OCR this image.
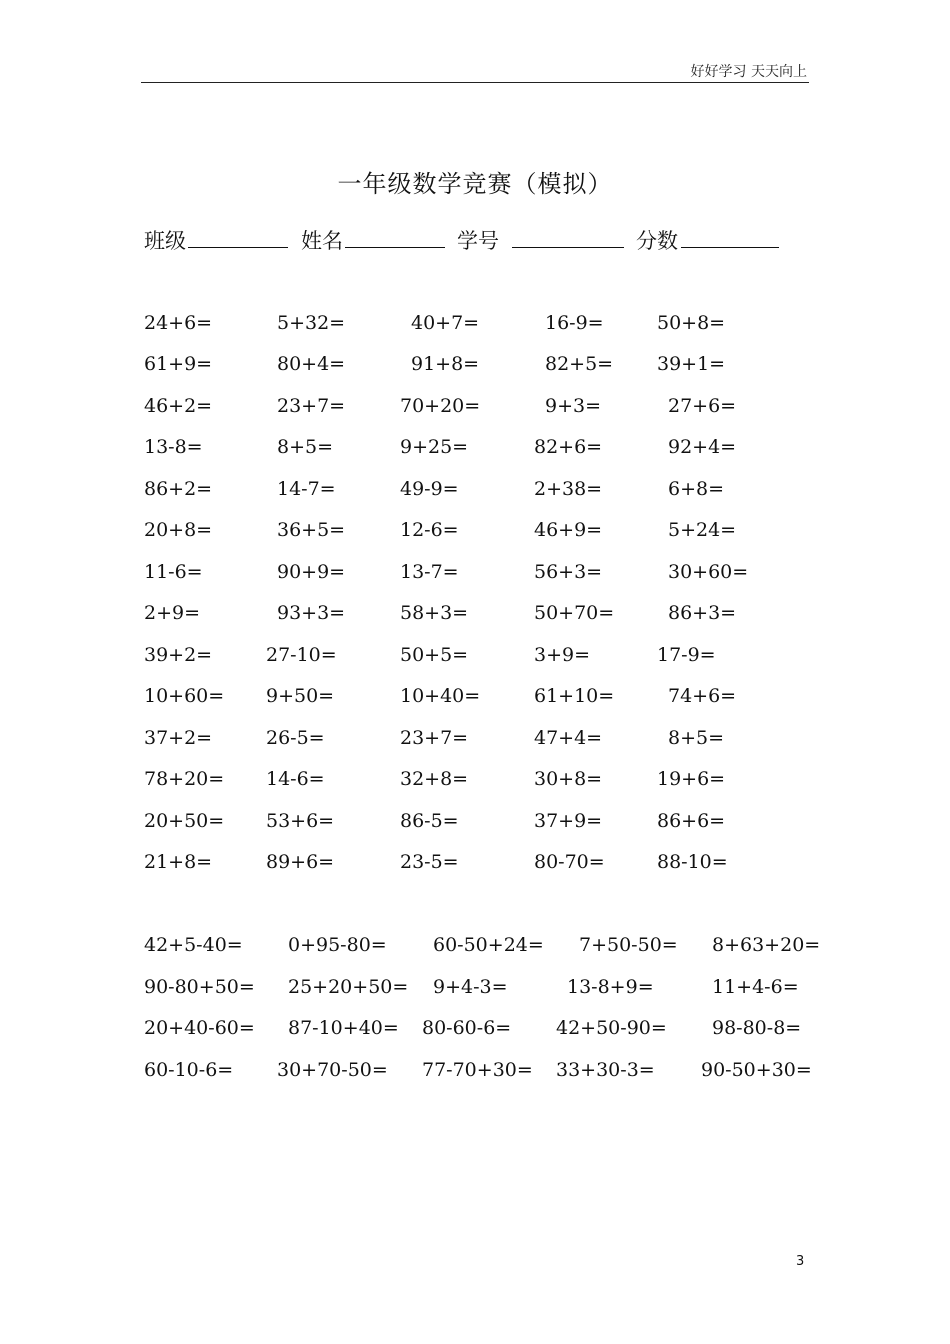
好好学习 天天向上
一年级数学竞赛（模拟）
班级	姓名	学号	分数
24+6=	5+32=	40+7=	16-9=	50+8=
61+9=	80+4=	91+8=	82+5= 39+1=
46+2=	23+7=	70+20=	9+3=	27+6=
13-8=	8+5=	9+25=	82+6=	92+4=
86+2=	14-7=	49-9=	2+38=	6+8=
20+8=	36+5=	12-6=	46+9=	5+24=
11-6=	90+9=	13-7=	56+3=	30+60=
2+9=	93+3=	58+3=	50+70=	86+3=
39+2=	27-10=	50+5=	3+9=	17-9=
10+60= 9+50=	10+40=	61+10=	74+6=
37+2=	26-5=	23+7=	47+4=	8+5=
78+20= 14-6=	32+8=	30+8=	19+6=
20+50= 53+6=	86-5=	37+9=	86+6=
21+8=	89+6=	23-5=	80-70=	88-10=
42+5-40= 0+95-80= 60-50+24= 7+50-50= 8+63+20=
90-80+50= 25+20+50= 9+4-3=	13-8+9=	11+4-6=
20+40-60= 87-10+40= 80-60-6= 42+50-90= 98-80-8=
60-10-6= 30+70-50= 77-70+30= 33+30-3= 90-50+30=
3
